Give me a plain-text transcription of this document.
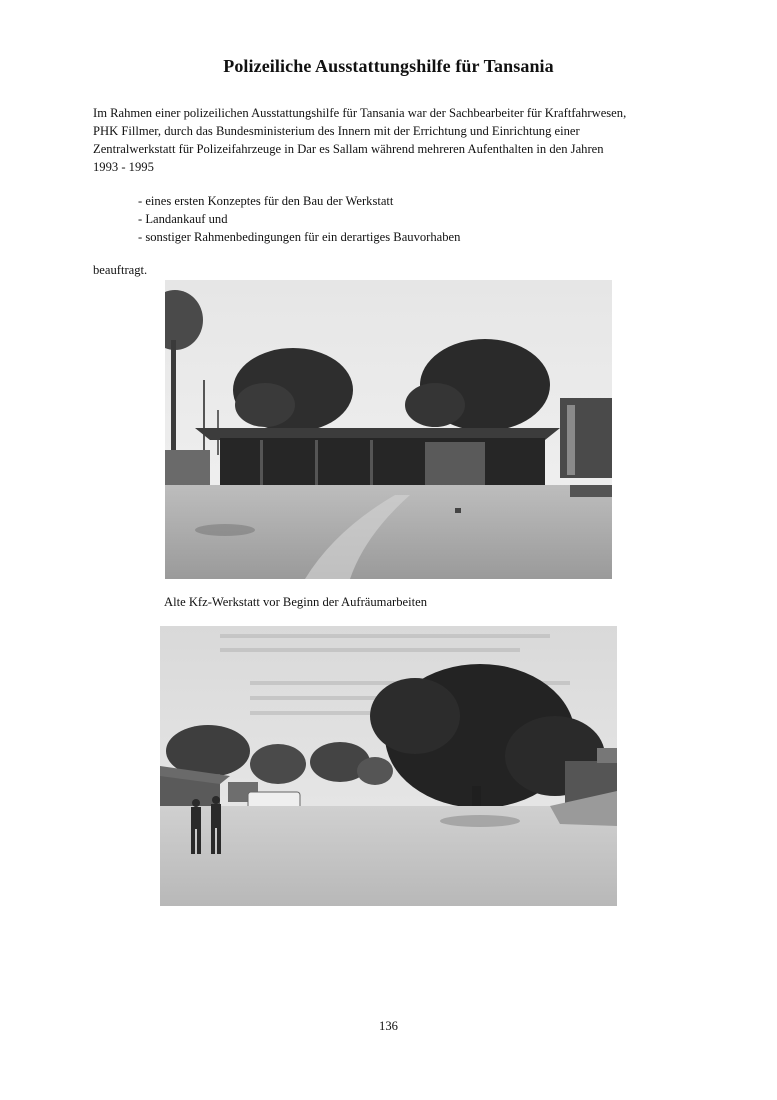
Polizeiliche Ausstattungshilfe für Tansania

Im Rahmen einer polizeilichen Ausstattungshilfe für Tansania war der Sachbearbeiter für Kraftfahrwesen,
PHK Fillmer, durch das Bundesministerium des Innern mit der Errichtung und Einrichtung einer
Zentralwerkstatt für Polizeifahrzeuge in Dar es Sallam während mehreren Aufenthalten in den Jahren
1993 - 1995

- eines ersten Konzeptes für den Bau der Werkstatt
- Landankauf und
- sonstiger Rahmenbedingungen für ein derartiges Bauvorhaben

beauftragt.

Alte Kfz-Werkstatt vor Beginn der Aufräumarbeiten

136
